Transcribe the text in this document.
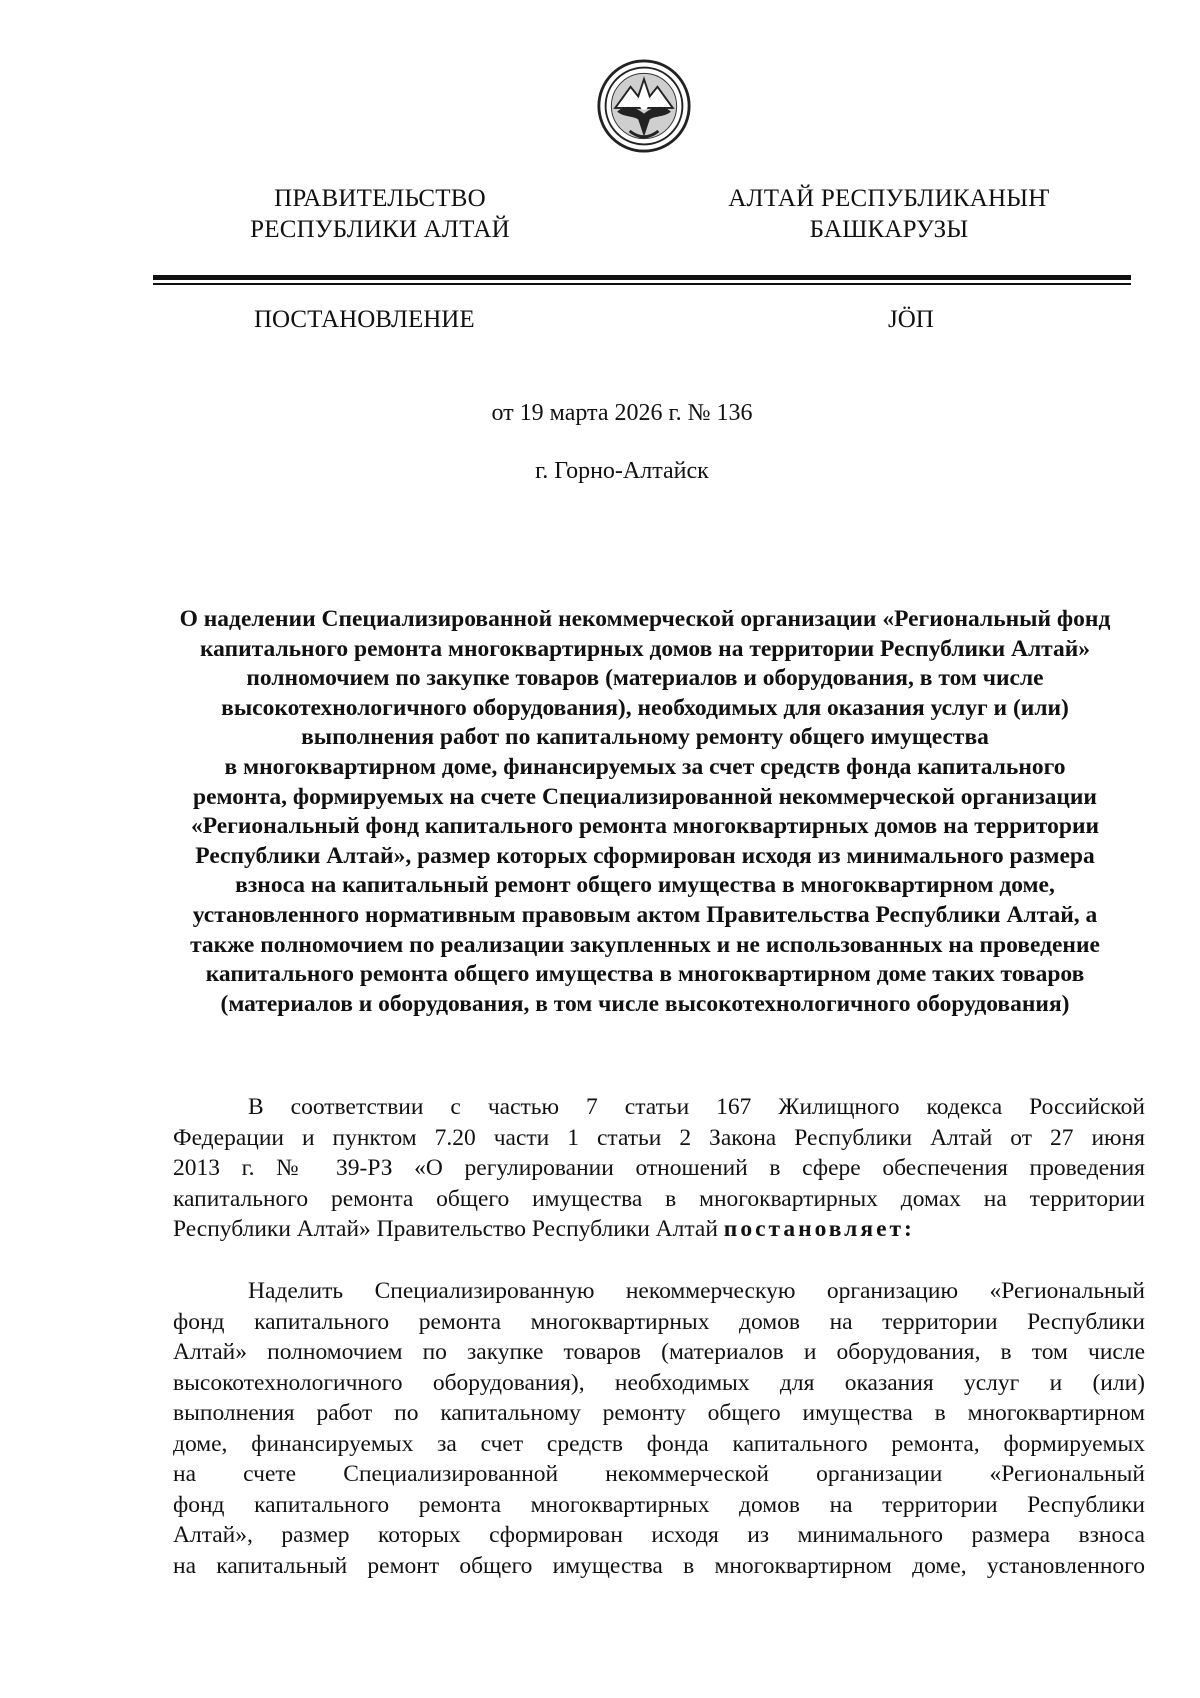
ПРАВИТЕЛЬСТВО
РЕСПУБЛИКИ АЛТАЙ
АЛТАЙ РЕСПУБЛИКАНЫҤ
БАШКАРУЗЫ
ПОСТАНОВЛЕНИЕ	JÖП
от 19 марта 2026 г. № 136
г. Горно-Алтайск
О наделении Специализированной некоммерческой организации «Региональный фонд
капитального ремонта многоквартирных домов на территории Республики Алтай»
полномочием по закупке товаров (материалов и оборудования, в том числе
высокотехнологичного оборудования), необходимых для оказания услуг и (или)
выполнения работ по капитальному ремонту общего имущества
в многоквартирном доме, финансируемых за счет средств фонда капитального
ремонта, формируемых на счете Специализированной некоммерческой организации
«Региональный фонд капитального ремонта многоквартирных домов на территории
Республики Алтай», размер которых сформирован исходя из минимального размера
взноса на капитальный ремонт общего имущества в многоквартирном доме,
установленного нормативным правовым актом Правительства Республики Алтай, а
также полномочием по реализации закупленных и не использованных на проведение
капитального ремонта общего имущества в многоквартирном доме таких товаров
(материалов и оборудования, в том числе высокотехнологичного оборудования)
В соответствии с частью 7 статьи 167 Жилищного кодекса Российской
Федерации и пунктом 7.20 части 1 статьи 2 Закона Республики Алтай от 27 июня
2013 г. № 39-РЗ «О регулировании отношений в сфере обеспечения проведения
капитального ремонта общего имущества в многоквартирных домах на территории
Республики Алтай» Правительство Республики Алтай постановляет:
Наделить Специализированную некоммерческую организацию «Региональный
фонд капитального ремонта многоквартирных домов на территории Республики
Алтай» полномочием по закупке товаров (материалов и оборудования, в том числе
высокотехнологичного оборудования), необходимых для оказания услуг и (или)
выполнения работ по капитальному ремонту общего имущества в многоквартирном
доме, финансируемых за счет средств фонда капитального ремонта, формируемых
на счете Специализированной некоммерческой организации «Региональный
фонд капитального ремонта многоквартирных домов на территории Республики
Алтай», размер которых сформирован исходя из минимального размера взноса
на капитальный ремонт общего имущества в многоквартирном доме, установленного
